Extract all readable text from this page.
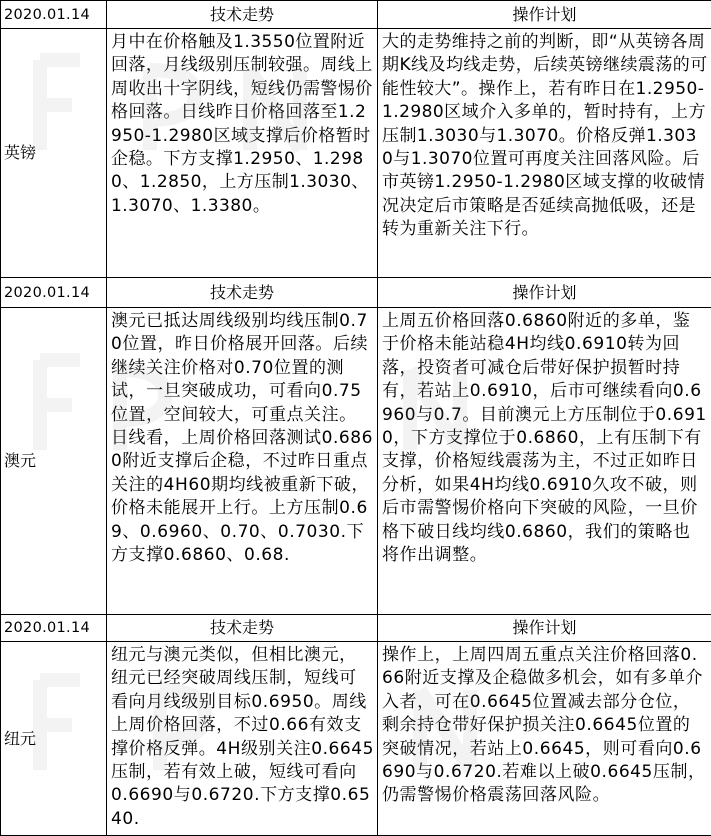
2020.01.14	技术走势	操作计划
英镑	月中在价格触及1.3550位置附近回落，月线级别压制较强。周线上周收出十字阴线，短线仍需警惕价格回落。日线昨日价格回落至1.2950-1.2980区域支撑后价格暂时企稳。下方支撑1.2950、1.2980、1.2850，上方压制1.3030、1.3070、1.3380。	大的走势维持之前的判断，即“从英镑各周期K线及均线走势，后续英镑继续震荡的可能性较大”。操作上，若有昨日在1.2950-1.2980区域介入多单的，暂时持有，上方压制1.3030与1.3070。价格反弹1.3030与1.3070位置可再度关注回落风险。后市英镑1.2950-1.2980区域支撑的收破情况决定后市策略是否延续高抛低吸，还是转为重新关注下行。
2020.01.14	技术走势	操作计划
澳元	澳元已抵达周线级别均线压制0.70位置，昨日价格展开回落。后续继续关注价格对0.70位置的测试，一旦突破成功，可看向0.75位置，空间较大，可重点关注。日线看，上周价格回落测试0.6860附近支撑后企稳，不过昨日重点关注的4H60期均线被重新下破，价格未能展开上行。上方压制0.69、0.6960、0.70、0.7030.下方支撑0.6860、0.68.	上周五价格回落0.6860附近的多单，鉴于价格未能站稳4H均线0.6910转为回落，投资者可减仓后带好保护损暂时持有，若站上0.6910，后市可继续看向0.6960与0.7。目前澳元上方压制位于0.6910，下方支撑位于0.6860，上有压制下有支撑，价格短线震荡为主，不过正如昨日分析，如果4H均线0.6910久攻不破，则后市需警惕价格向下突破的风险，一旦价格下破日线均线0.6860，我们的策略也将作出调整。
2020.01.14	技术走势	操作计划
纽元	纽元与澳元类似，但相比澳元，纽元已经突破周线压制，短线可看向月线级别目标0.6950。周线上周价格回落，不过0.66有效支撑价格反弹。4H级别关注0.6645压制，若有效上破，短线可看向0.6690与0.6720.下方支撑0.6540.	操作上，上周四周五重点关注价格回落0.66附近支撑及企稳做多机会，如有多单介入者，可在0.6645位置减去部分仓位，剩余持仓带好保护损关注0.6645位置的突破情况，若站上0.6645，则可看向0.6690与0.6720.若难以上破0.6645压制，仍需警惕价格震荡回落风险。
